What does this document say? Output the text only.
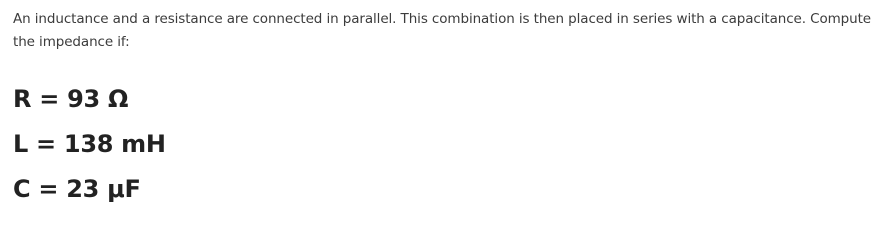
An inductance and a resistance are connected in parallel. This combination is then placed in series with a capacitance. Compute the impedance if:

R = 93 Ω
L = 138 mH
C = 23 μF
